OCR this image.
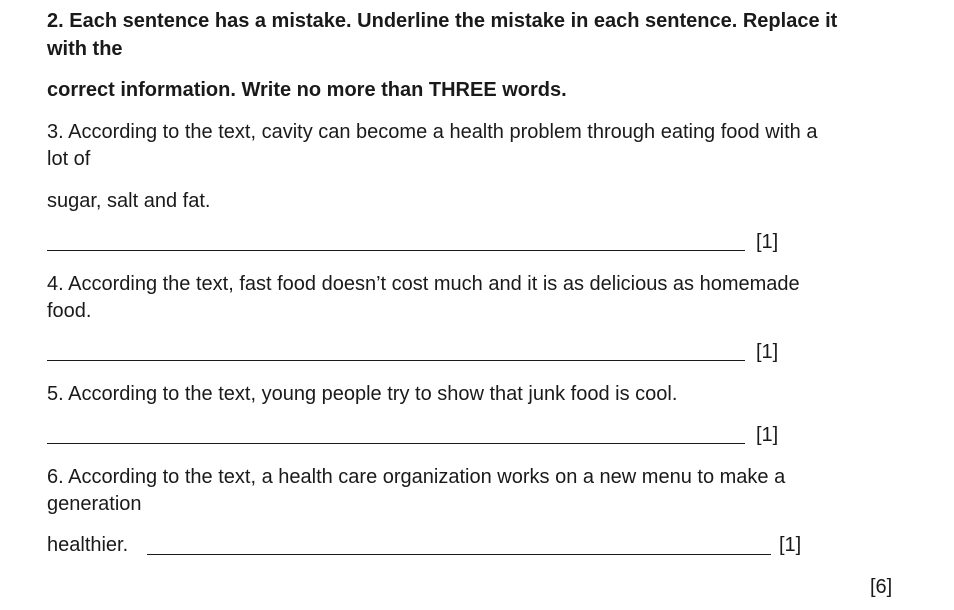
2. Each sentence has a mistake. Underline the mistake in each sentence. Replace it
with the
correct information. Write no more than THREE words.
3. According to the text, cavity can become a health problem through eating food with a
lot of
sugar, salt and fat.
[1]
4. According the text, fast food doesn’t cost much and it is as delicious as homemade
food.
[1]
5. According to the text, young people try to show that junk food is cool.
[1]
6. According to the text, a health care organization works on a new menu to make a
generation
healthier.	[1]
[6]
